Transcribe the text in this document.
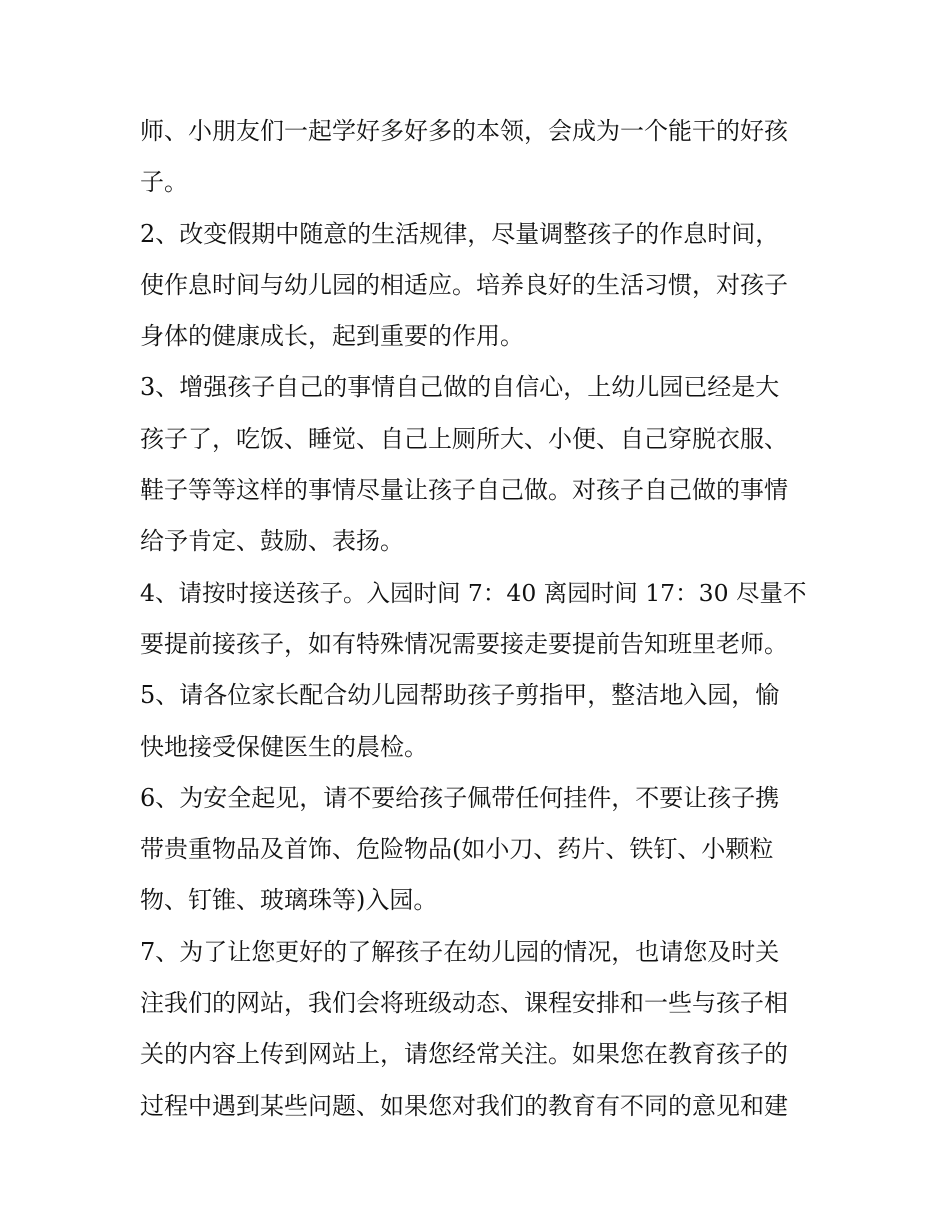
师、小朋友们一起学好多好多的本领，会成为一个能干的好孩
子。
2、改变假期中随意的生活规律，尽量调整孩子的作息时间，
使作息时间与幼儿园的相适应。培养良好的生活习惯，对孩子
身体的健康成长，起到重要的作用。
3、增强孩子自己的事情自己做的自信心，上幼儿园已经是大
孩子了，吃饭、睡觉、自己上厕所大、小便、自己穿脱衣服、
鞋子等等这样的事情尽量让孩子自己做。对孩子自己做的事情
给予肯定、鼓励、表扬。
4、请按时接送孩子。入园时间 7：40 离园时间 17：30 尽量不
要提前接孩子，如有特殊情况需要接走要提前告知班里老师。
5、请各位家长配合幼儿园帮助孩子剪指甲，整洁地入园，愉
快地接受保健医生的晨检。
6、为安全起见，请不要给孩子佩带任何挂件，不要让孩子携
带贵重物品及首饰、危险物品(如小刀、药片、铁钉、小颗粒
物、钉锥、玻璃珠等)入园。
7、为了让您更好的了解孩子在幼儿园的情况，也请您及时关
注我们的网站，我们会将班级动态、课程安排和一些与孩子相
关的内容上传到网站上，请您经常关注。如果您在教育孩子的
过程中遇到某些问题、如果您对我们的教育有不同的意见和建
